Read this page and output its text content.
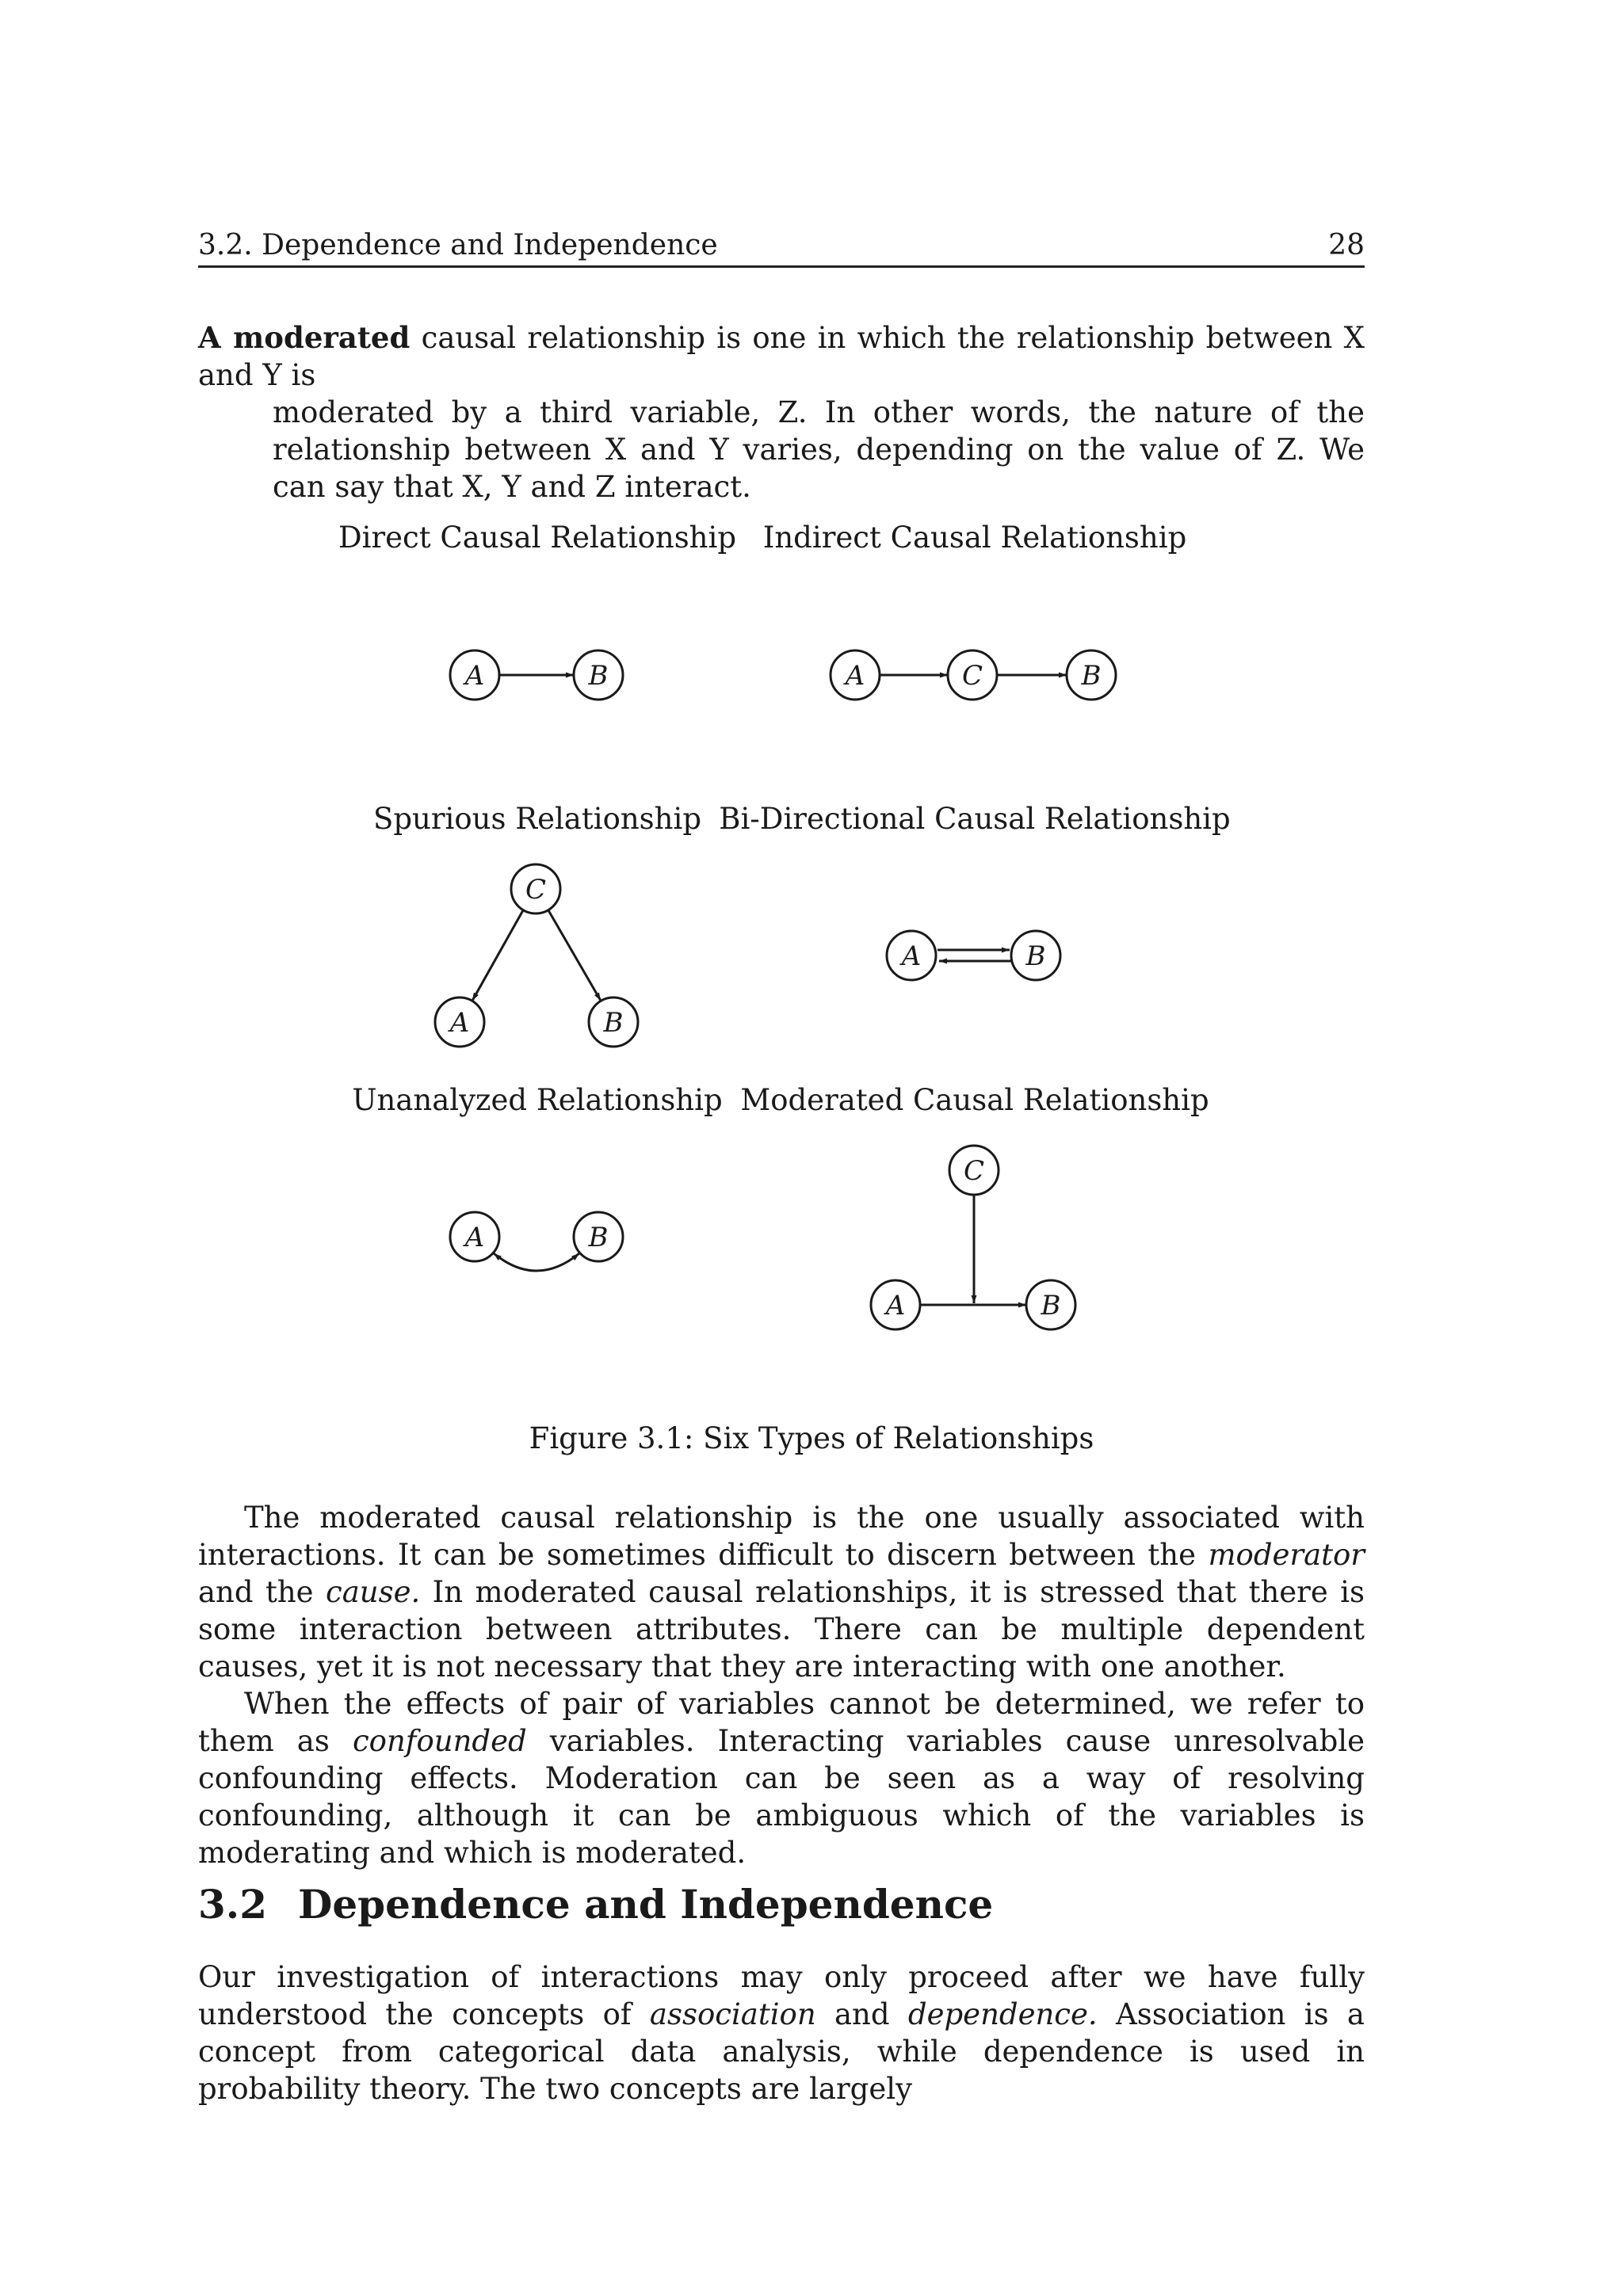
3.2. Dependence and Independence	28
A moderated causal relationship is one in which the relationship between X and Y is
moderated by a third variable, Z. In other words, the nature of the relationship between X and Y varies, depending on the value of Z. We can say that X, Y and Z interact.
Direct Causal Relationship Indirect Causal Relationship
Spurious Relationship Bi-Directional Causal Relationship
Unanalyzed Relationship Moderated Causal Relationship
A	B	A	C	B
C
A	B
A	B
A	B
C
A	B
Figure 3.1: Six Types of Relationships
The moderated causal relationship is the one usually associated with interactions. It can be sometimes difficult to discern between the moderator and the cause. In moderated causal relationships, it is stressed that there is some interaction between attributes. There can be multiple dependent causes, yet it is not necessary that they are interacting with one another.
When the effects of pair of variables cannot be determined, we refer to them as confounded variables. Interacting variables cause unresolvable confounding effects. Moderation can be seen as a way of resolving confounding, although it can be ambiguous which of the variables is moderating and which is moderated.
3.2 Dependence and Independence
Our investigation of interactions may only proceed after we have fully understood the concepts of association and dependence. Association is a concept from categorical data analysis, while dependence is used in probability theory. The two concepts are largely
